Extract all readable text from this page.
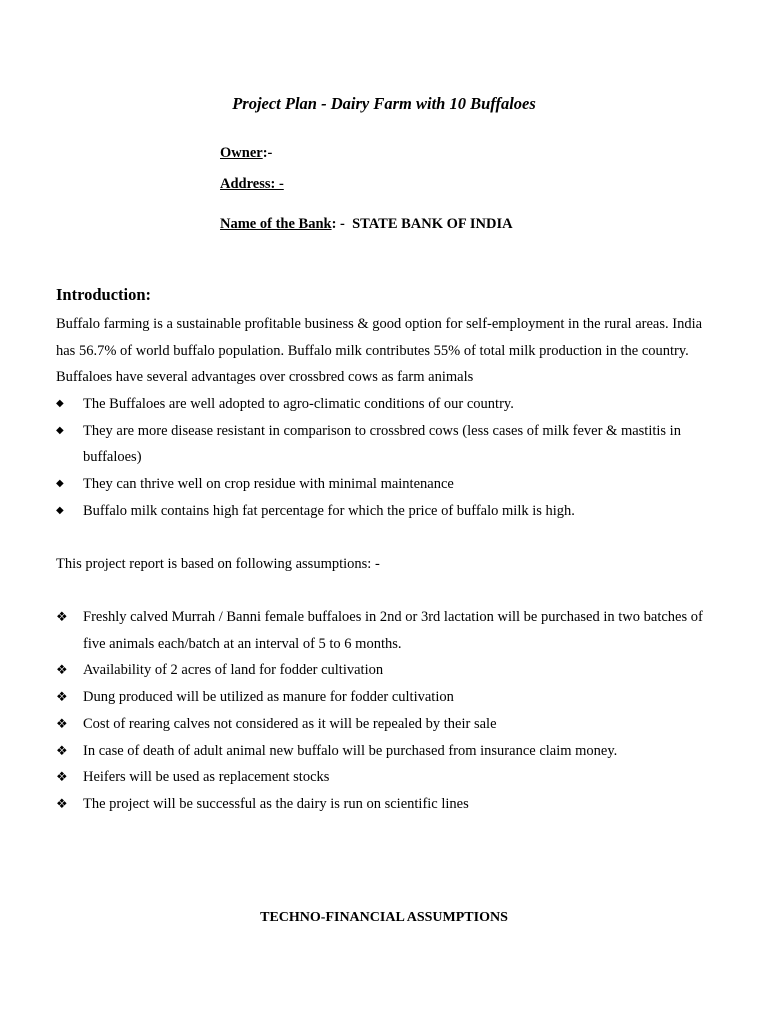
Project Plan - Dairy Farm with 10 Buffaloes
Owner:-
Address: -
Name of the Bank: -  STATE BANK OF INDIA
Introduction:

Buffalo farming is a sustainable profitable business & good option for self-employment in the rural areas. India has 56.7% of world buffalo population. Buffalo milk contributes 55% of total milk production in the country. Buffaloes have several advantages over crossbred cows as farm animals

◆	The Buffaloes are well adopted to agro-climatic conditions of our country.
◆	They are more disease resistant in comparison to crossbred cows (less cases of milk fever & mastitis in buffaloes)
◆	They can thrive well on crop residue with minimal maintenance
◆	Buffalo milk contains high fat percentage for which the price of buffalo milk is high.

This project report is based on following assumptions: -

❖	Freshly calved Murrah / Banni female buffaloes in 2nd or 3rd lactation will be purchased in two batches of five animals each/batch at an interval of 5 to 6 months.
❖	Availability of 2 acres of land for fodder cultivation
❖	Dung produced will be utilized as manure for fodder cultivation
❖	Cost of rearing calves not considered as it will be repealed by their sale
❖	In case of death of adult animal new buffalo will be purchased from insurance claim money.
❖	Heifers will be used as replacement stocks
❖	The project will be successful as the dairy is run on scientific lines
TECHNO-FINANCIAL ASSUMPTIONS
